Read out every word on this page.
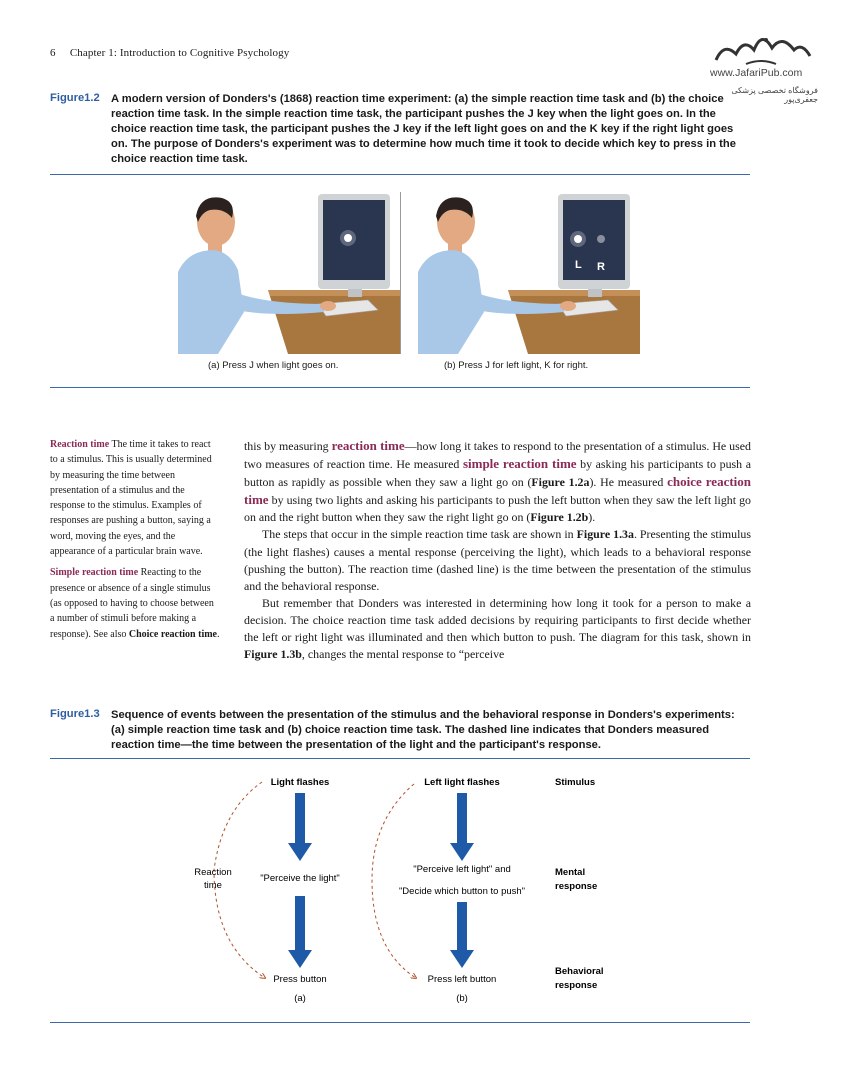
6 Chapter 1: Introduction to Cognitive Psychology
www.JafariPub.com
فروشگاه تخصصی پزشکی جعفری‌پور
Figure1.2 A modern version of Donders's (1868) reaction time experiment: (a) the simple reaction time task and (b) the choice reaction time task. In the simple reaction time task, the participant pushes the J key when the light goes on. In the choice reaction time task, the participant pushes the J key if the left light goes on and the K key if the right light goes on. The purpose of Donders's experiment was to determine how much time it took to decide which key to press in the choice reaction time task.
L R
(a) Press J when light goes on.	(b) Press J for left light, K for right.

Reaction time The time it takes to react to a stimulus. This is usually determined by measuring the time between presentation of a stimulus and the response to the stimulus. Examples of responses are pushing a button, saying a word, moving the eyes, and the appearance of a particular brain wave.

Simple reaction time Reacting to the presence or absence of a single stimulus (as opposed to having to choose between a number of stimuli before making a response). See also Choice reaction time.

this by measuring reaction time—how long it takes to respond to the presentation of a stimulus. He used two measures of reaction time. He measured simple reaction time by asking his participants to push a button as rapidly as possible when they saw a light go on (Figure 1.2a). He measured choice reaction time by using two lights and asking his participants to push the left button when they saw the left light go on and the right button when they saw the right light go on (Figure 1.2b).

The steps that occur in the simple reaction time task are shown in Figure 1.3a. Presenting the stimulus (the light flashes) causes a mental response (perceiving the light), which leads to a behavioral response (pushing the button). The reaction time (dashed line) is the time between the presentation of the stimulus and the behavioral response.

But remember that Donders was interested in determining how long it took for a person to make a decision. The choice reaction time task added decisions by requiring participants to first decide whether the left or right light was illuminated and then which button to push. The diagram for this task, shown in Figure 1.3b, changes the mental response to “perceive

Figure1.3 Sequence of events between the presentation of the stimulus and the behavioral response in Donders's experiments: (a) simple reaction time task and (b) choice reaction time task. The dashed line indicates that Donders measured reaction time—the time between the presentation of the light and the participant's response.
Light flashes
"Perceive the light"
Press button
(a)
Reaction
time
Left light flashes
"Perceive left light" and
"Decide which button to push"
Press left button
(b)
Stimulus
Mental
response
Behavioral
response
